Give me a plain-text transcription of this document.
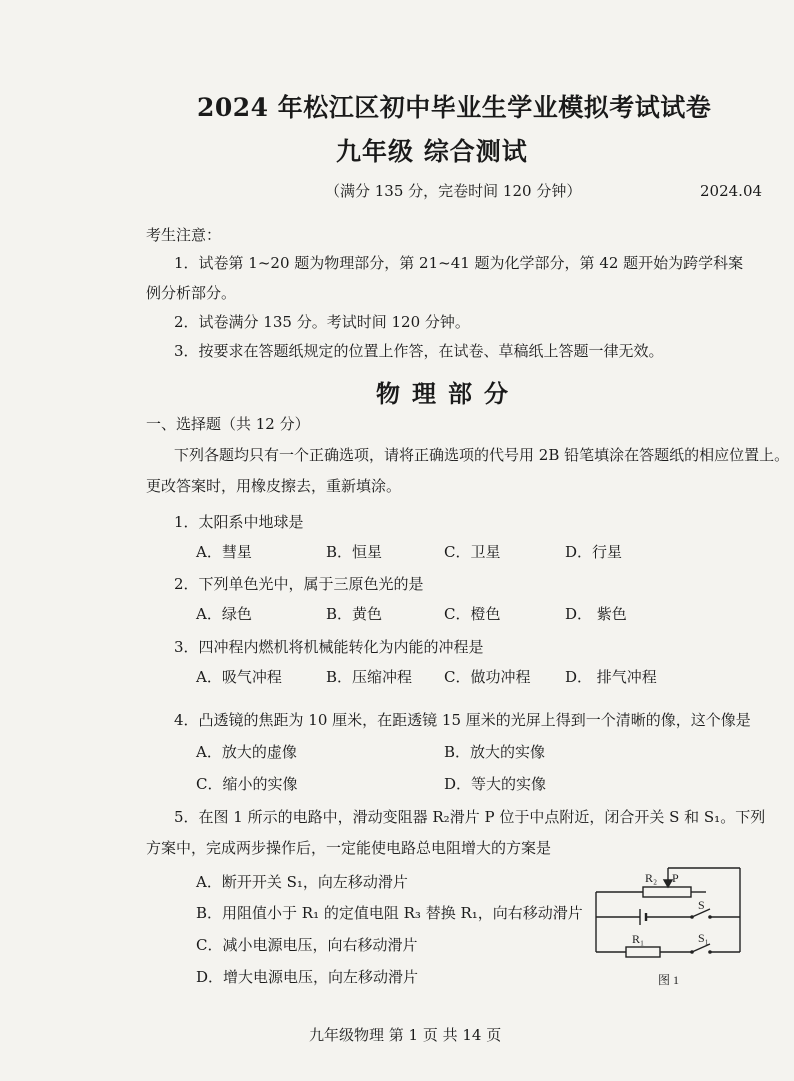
2024 年松江区初中毕业生学业模拟考试试卷
九年级 综合测试
（满分 135 分，完卷时间 120 分钟）	2024.04
考生注意：
1．试卷第 1~20 题为物理部分，第 21~41 题为化学部分，第 42 题开始为跨学科案
例分析部分。
2．试卷满分 135 分。考试时间 120 分钟。
3．按要求在答题纸规定的位置上作答，在试卷、草稿纸上答题一律无效。
物理部分
一、选择题（共 12 分）
下列各题均只有一个正确选项，请将正确选项的代号用 2B 铅笔填涂在答题纸的相应位置上。
更改答案时，用橡皮擦去，重新填涂。
1．太阳系中地球是
A．彗星	B．恒星	C．卫星	D．行星
2．下列单色光中，属于三原色光的是
A．绿色	B．黄色	C．橙色	D． 紫色
3．四冲程内燃机将机械能转化为内能的冲程是
A．吸气冲程	B．压缩冲程 C．做功冲程 D． 排气冲程
4．凸透镜的焦距为 10 厘米，在距透镜 15 厘米的光屏上得到一个清晰的像，这个像是
A．放大的虚像	B．放大的实像
C．缩小的实像	D．等大的实像
5．在图 1 所示的电路中，滑动变阻器 R₂滑片 P 位于中点附近，闭合开关 S 和 S₁。下列
方案中，完成两步操作后，一定能使电路总电阻增大的方案是
A．断开开关 S₁，向左移动滑片
B．用阻值小于 R₁ 的定值电阻 R₃ 替换 R₁，向右移动滑片
C．减小电源电压，向右移动滑片
D．增大电源电压，向左移动滑片
R₂ P
S
R₁	S₁
图 1
九年级物理 第 1 页 共 14 页
